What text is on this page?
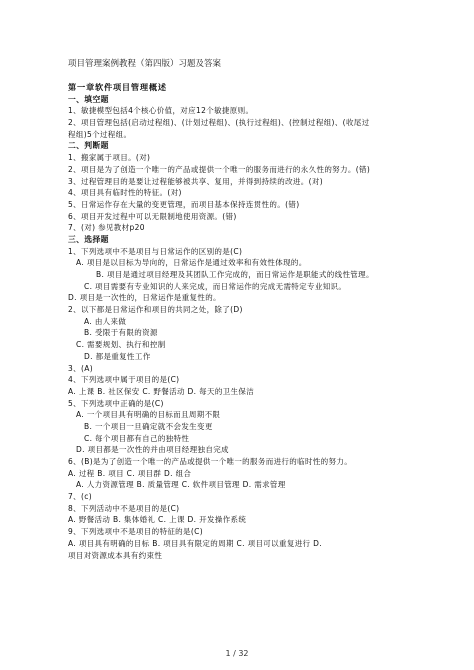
项目管理案例教程（第四版）习题及答案
第一章软件项目管理概述
一、填空题
1、敏捷模型包括4个核心价值，对应12个敏捷原则。
2、项目管理包括(启动过程组)、(计划过程组)、(执行过程组)、(控制过程组)、(收尾过
程组)5个过程组。
二、判断题
1、搬家属于项目。(对)
2、项目是为了创造一个唯一的产品或提供一个唯一的服务而进行的永久性的努力。(错)
3、过程管理目的是要让过程能够被共享、复用，并得到持续的改进。(对)
4、项目具有临时性的特征。(对)
5、日常运作存在大量的变更管理，而项目基本保持连贯性的。(错)
6、项目开发过程中可以无限制地使用资源。(错)
7、(对) 参见教材p20
三、选择题
1、下列选项中不是项目与日常运作的区别的是(C)
A. 项目是以目标为导向的，日常运作是通过效率和有效性体现的。
B. 项目是通过项目经理及其团队工作完成的，而日常运作是职能式的线性管理。
C. 项目需要有专业知识的人来完成，而日常运作的完成无需特定专业知识。
D. 项目是一次性的，日常运作是重复性的。
2、以下都是日常运作和项目的共同之处，除了(D)
A. 由人来做
B. 受限于有限的资源
C. 需要规划、执行和控制
D. 都是重复性工作
3、(A)
4、下列选项中属于项目的是(C)
A. 上课 B. 社区保安 C. 野餐活动 D. 每天的卫生保洁
5、下列选项中正确的是(C)
A. 一个项目具有明确的目标而且周期不限
B. 一个项目一旦确定就不会发生变更
C. 每个项目都有自己的独特性
D. 项目都是一次性的并由项目经理独自完成
6、(B)是为了创造一个唯一的产品或提供一个唯一的服务而进行的临时性的努力。
A. 过程 B. 项目 C. 项目群 D. 组合
A. 人力资源管理 B. 质量管理 C. 软件项目管理 D. 需求管理
7、(c)
8、下列活动中不是项目的是(C)
A. 野餐活动 B. 集体婚礼 C. 上课 D. 开发操作系统
9、下列选项中不是项目的特征的是(C)
A. 项目具有明确的目标 B. 项目具有限定的周期 C. 项目可以重复进行 D.
项目对资源成本具有约束性
1 / 32
